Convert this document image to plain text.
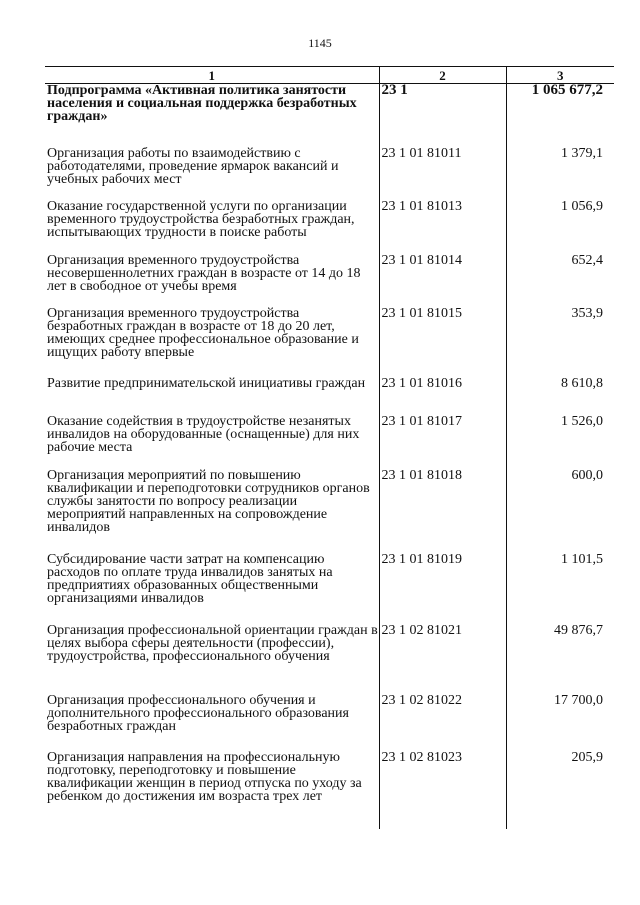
1145
1	2	3
Подпрограмма «Активная политика занятости населения и социальная поддержка безработных граждан»	23 1	1 065 677,2
Организация работы по взаимодействию с работодателями, проведение ярмарок вакансий и учебных рабочих мест	23 1 01 81011	1 379,1
Оказание государственной услуги по организации временного трудоустройства безработных граждан, испытывающих трудности в поиске работы	23 1 01 81013	1 056,9
Организация временного трудоустройства несовершеннолетних граждан в возрасте от 14 до 18 лет в свободное от учебы время	23 1 01 81014	652,4
Организация временного трудоустройства безработных граждан в возрасте от 18 до 20 лет, имеющих среднее профессиональное образование и ищущих работу впервые	23 1 01 81015	353,9
Развитие предпринимательской инициативы граждан	23 1 01 81016	8 610,8
Оказание содействия в трудоустройстве незанятых инвалидов на оборудованные (оснащенные) для них рабочие места	23 1 01 81017	1 526,0
Организация мероприятий по повышению квалификации и переподготовки сотрудников органов службы занятости по вопросу реализации мероприятий направленных на сопровождение инвалидов	23 1 01 81018	600,0
Субсидирование части затрат на компенсацию расходов по оплате труда инвалидов занятых на предприятиях образованных общественными организациями инвалидов	23 1 01 81019	1 101,5
Организация профессиональной ориентации граждан в целях выбора сферы деятельности (профессии), трудоустройства, профессионального обучения	23 1 02 81021	49 876,7
Организация профессионального обучения и дополнительного профессионального образования безработных граждан	23 1 02 81022	17 700,0
Организация направления на профессиональную подготовку, переподготовку и повышение квалификации женщин в период отпуска по уходу за ребенком до достижения им возраста трех лет	23 1 02 81023	205,9
